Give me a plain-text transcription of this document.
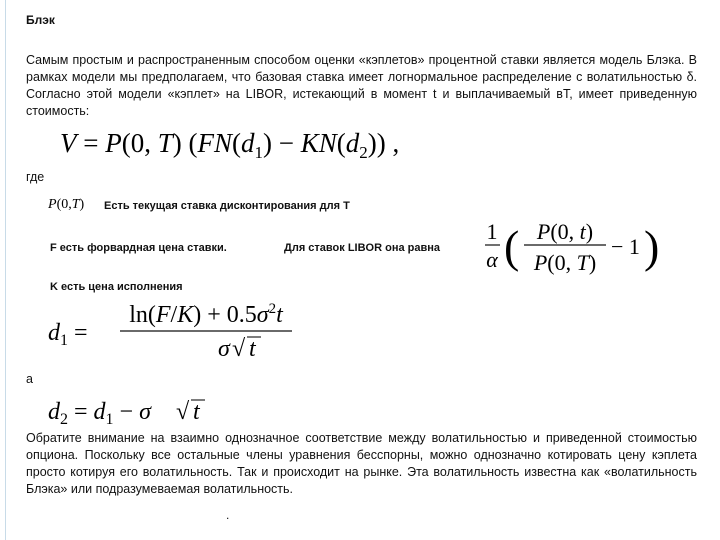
Блэк
Самым простым и распространенным способом оценки «кэплетов» процентной ставки является модель Блэка. В рамках модели мы предполагаем, что базовая ставка имеет логнормальное распределение с волатильностью δ. Согласно этой модели «кэплет» на LIBOR, истекающий в момент t и выплачиваемый вT, имеет приведенную стоимость:
V = P(0, T) $(FN(d_1) - KN(d_2))$ ,
где
P(0,T) Есть текущая ставка дисконтирования для T
F есть форвардная цена ставки.	Для ставок LIBOR она равна
1
α ( P(0, t)
P(0, T)
− 1 )
K есть цена исполнения
$d_1$ =
$\ln(F/K) + 0.5\sigma^2t$
σ √ t
а
$d_2 = d_1 - \sigma$ √ t
Обратите внимание на взаимно однозначное соответствие между волатильностью и приведенной стоимостью опциона. Поскольку все остальные члены уравнения бесспорны, можно однозначно котировать цену кэплета просто котируя его волатильность. Так и происходит на рынке. Эта волатильность известна как «волатильность Блэка» или подразумеваемая волатильность.
.
